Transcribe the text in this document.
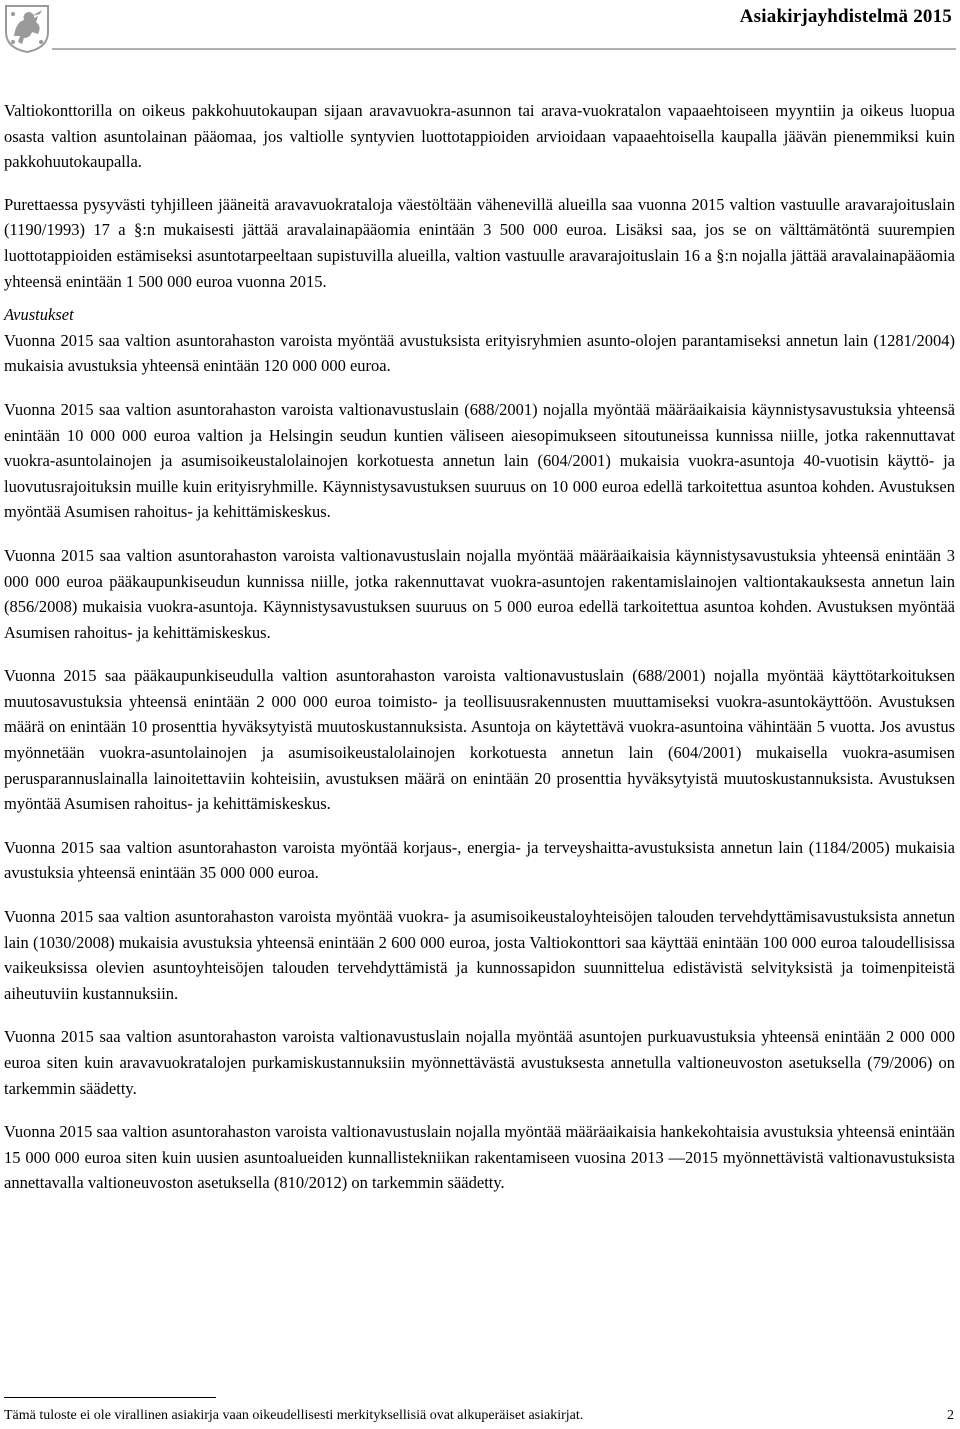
Asiakirjayhdistelmä 2015

Valtiokonttorilla on oikeus pakkohuutokaupan sijaan aravavuokra-asunnon tai arava-vuokratalon vapaaehtoiseen myyntiin ja oikeus luopua osasta valtion asuntolainan pääomaa, jos valtiolle syntyvien luottotappioiden arvioidaan vapaaehtoisella kaupalla jäävän pienemmiksi kuin pakkohuutokaupalla.

Purettaessa pysyvästi tyhjilleen jääneitä aravavuokrataloja väestöltään vähenevillä alueilla saa vuonna 2015 valtion vastuulle aravarajoituslain (1190/1993) 17 a §:n mukaisesti jättää aravalainapääomia enintään 3 500 000 euroa. Lisäksi saa, jos se on välttämätöntä suurempien luottotappioiden estämiseksi asuntotarpeeltaan supistuvilla alueilla, valtion vastuulle aravarajoituslain 16 a §:n nojalla jättää aravalainapääomia yhteensä enintään 1 500 000 euroa vuonna 2015.

Avustukset
Vuonna 2015 saa valtion asuntorahaston varoista myöntää avustuksista erityisryhmien asunto-olojen parantamiseksi annetun lain (1281/2004) mukaisia avustuksia yhteensä enintään 120 000 000 euroa.

Vuonna 2015 saa valtion asuntorahaston varoista valtionavustuslain (688/2001) nojalla myöntää määräaikaisia käynnistysavustuksia yhteensä enintään 10 000 000 euroa valtion ja Helsingin seudun kuntien väliseen aiesopimukseen sitoutuneissa kunnissa niille, jotka rakennuttavat vuokra-asuntolainojen ja asumisoikeustalolainojen korkotuesta annetun lain (604/2001) mukaisia vuokra-asuntoja 40-vuotisin käyttö- ja luovutusrajoituksin muille kuin erityisryhmille. Käynnistysavustuksen suuruus on 10 000 euroa edellä tarkoitettua asuntoa kohden. Avustuksen myöntää Asumisen rahoitus- ja kehittämiskeskus.

Vuonna 2015 saa valtion asuntorahaston varoista valtionavustuslain nojalla myöntää määräaikaisia käynnistysavustuksia yhteensä enintään 3 000 000 euroa pääkaupunkiseudun kunnissa niille, jotka rakennuttavat vuokra-asuntojen rakentamislainojen valtiontakauksesta annetun lain (856/2008) mukaisia vuokra-asuntoja. Käynnistysavustuksen suuruus on 5 000 euroa edellä tarkoitettua asuntoa kohden. Avustuksen myöntää Asumisen rahoitus- ja kehittämiskeskus.

Vuonna 2015 saa pääkaupunkiseudulla valtion asuntorahaston varoista valtionavustuslain (688/2001) nojalla myöntää käyttötarkoituksen muutosavustuksia yhteensä enintään 2 000 000 euroa toimisto- ja teollisuusrakennusten muuttamiseksi vuokra-asuntokäyttöön. Avustuksen määrä on enintään 10 prosenttia hyväksytyistä muutoskustannuksista. Asuntoja on käytettävä vuokra-asuntoina vähintään 5 vuotta. Jos avustus myönnetään vuokra-asuntolainojen ja asumisoikeustalolainojen korkotuesta annetun lain (604/2001) mukaisella vuokra-asumisen perusparannuslainalla lainoitettaviin kohteisiin, avustuksen määrä on enintään 20 prosenttia hyväksytyistä muutoskustannuksista. Avustuksen myöntää Asumisen rahoitus- ja kehittämiskeskus.

Vuonna 2015 saa valtion asuntorahaston varoista myöntää korjaus-, energia- ja terveyshaitta-avustuksista annetun lain (1184/2005) mukaisia avustuksia yhteensä enintään 35 000 000 euroa.

Vuonna 2015 saa valtion asuntorahaston varoista myöntää vuokra- ja asumisoikeustaloyhteisöjen talouden tervehdyttämisavustuksista annetun lain (1030/2008) mukaisia avustuksia yhteensä enintään 2 600 000 euroa, josta Valtiokonttori saa käyttää enintään 100 000 euroa taloudellisissa vaikeuksissa olevien asuntoyhteisöjen talouden tervehdyttämistä ja kunnossapidon suunnittelua edistävistä selvityksistä ja toimenpiteistä aiheutuviin kustannuksiin.

Vuonna 2015 saa valtion asuntorahaston varoista valtionavustuslain nojalla myöntää asuntojen purkuavustuksia yhteensä enintään 2 000 000 euroa siten kuin aravavuokratalojen purkamiskustannuksiin myönnettävästä avustuksesta annetulla valtioneuvoston asetuksella (79/2006) on tarkemmin säädetty.

Vuonna 2015 saa valtion asuntorahaston varoista valtionavustuslain nojalla myöntää määräaikaisia hankekohtaisia avustuksia yhteensä enintään 15 000 000 euroa siten kuin uusien asuntoalueiden kunnallistekniikan rakentamiseen vuosina 2013 —2015 myönnettävistä valtionavustuksista annettavalla valtioneuvoston asetuksella (810/2012) on tarkemmin säädetty.

Tämä tuloste ei ole virallinen asiakirja vaan oikeudellisesti merkityksellisiä ovat alkuperäiset asiakirjat.	2
